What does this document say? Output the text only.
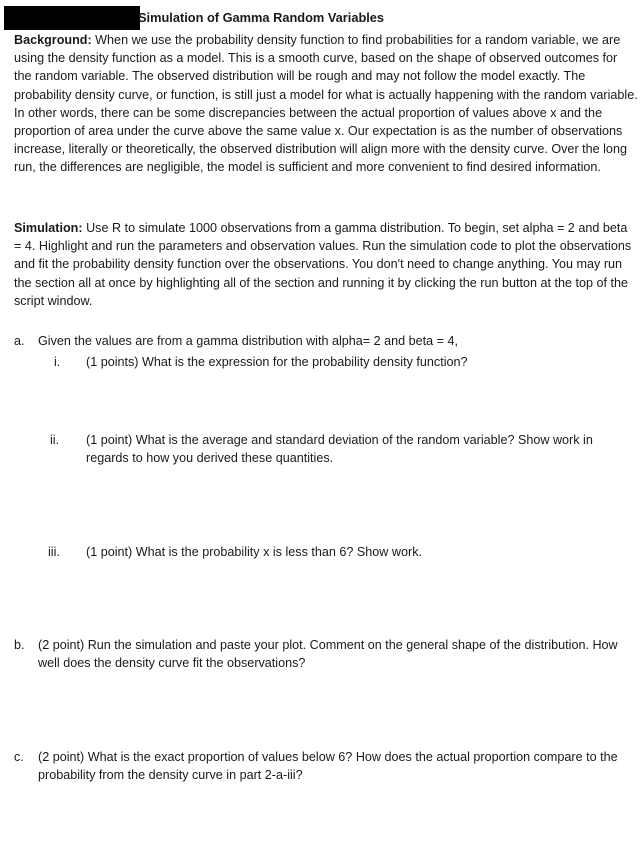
Simulation of Gamma Random Variables

Background: When we use the probability density function to find probabilities for a random variable, we are using the density function as a model. This is a smooth curve, based on the shape of observed outcomes for the random variable. The observed distribution will be rough and may not follow the model exactly. The probability density curve, or function, is still just a model for what is actually happening with the random variable. In other words, there can be some discrepancies between the actual proportion of values above x and the proportion of area under the curve above the same value x. Our expectation is as the number of observations increase, literally or theoretically, the observed distribution will align more with the density curve. Over the long run, the differences are negligible, the model is sufficient and more convenient to find desired information.

Simulation: Use R to simulate 1000 observations from a gamma distribution. To begin, set alpha = 2 and beta = 4. Highlight and run the parameters and observation values. Run the simulation code to plot the observations and fit the probability density function over the observations. You don't need to change anything. You may run the section all at once by highlighting all of the section and running it by clicking the run button at the top of the script window.

a. Given the values are from a gamma distribution with alpha= 2 and beta = 4,
i. (1 points) What is the expression for the probability density function?
ii. (1 point) What is the average and standard deviation of the random variable? Show work in regards to how you derived these quantities.
iii. (1 point) What is the probability x is less than 6? Show work.
b. (2 point) Run the simulation and paste your plot. Comment on the general shape of the distribution. How well does the density curve fit the observations?
c. (2 point) What is the exact proportion of values below 6? How does the actual proportion compare to the probability from the density curve in part 2-a-iii?
